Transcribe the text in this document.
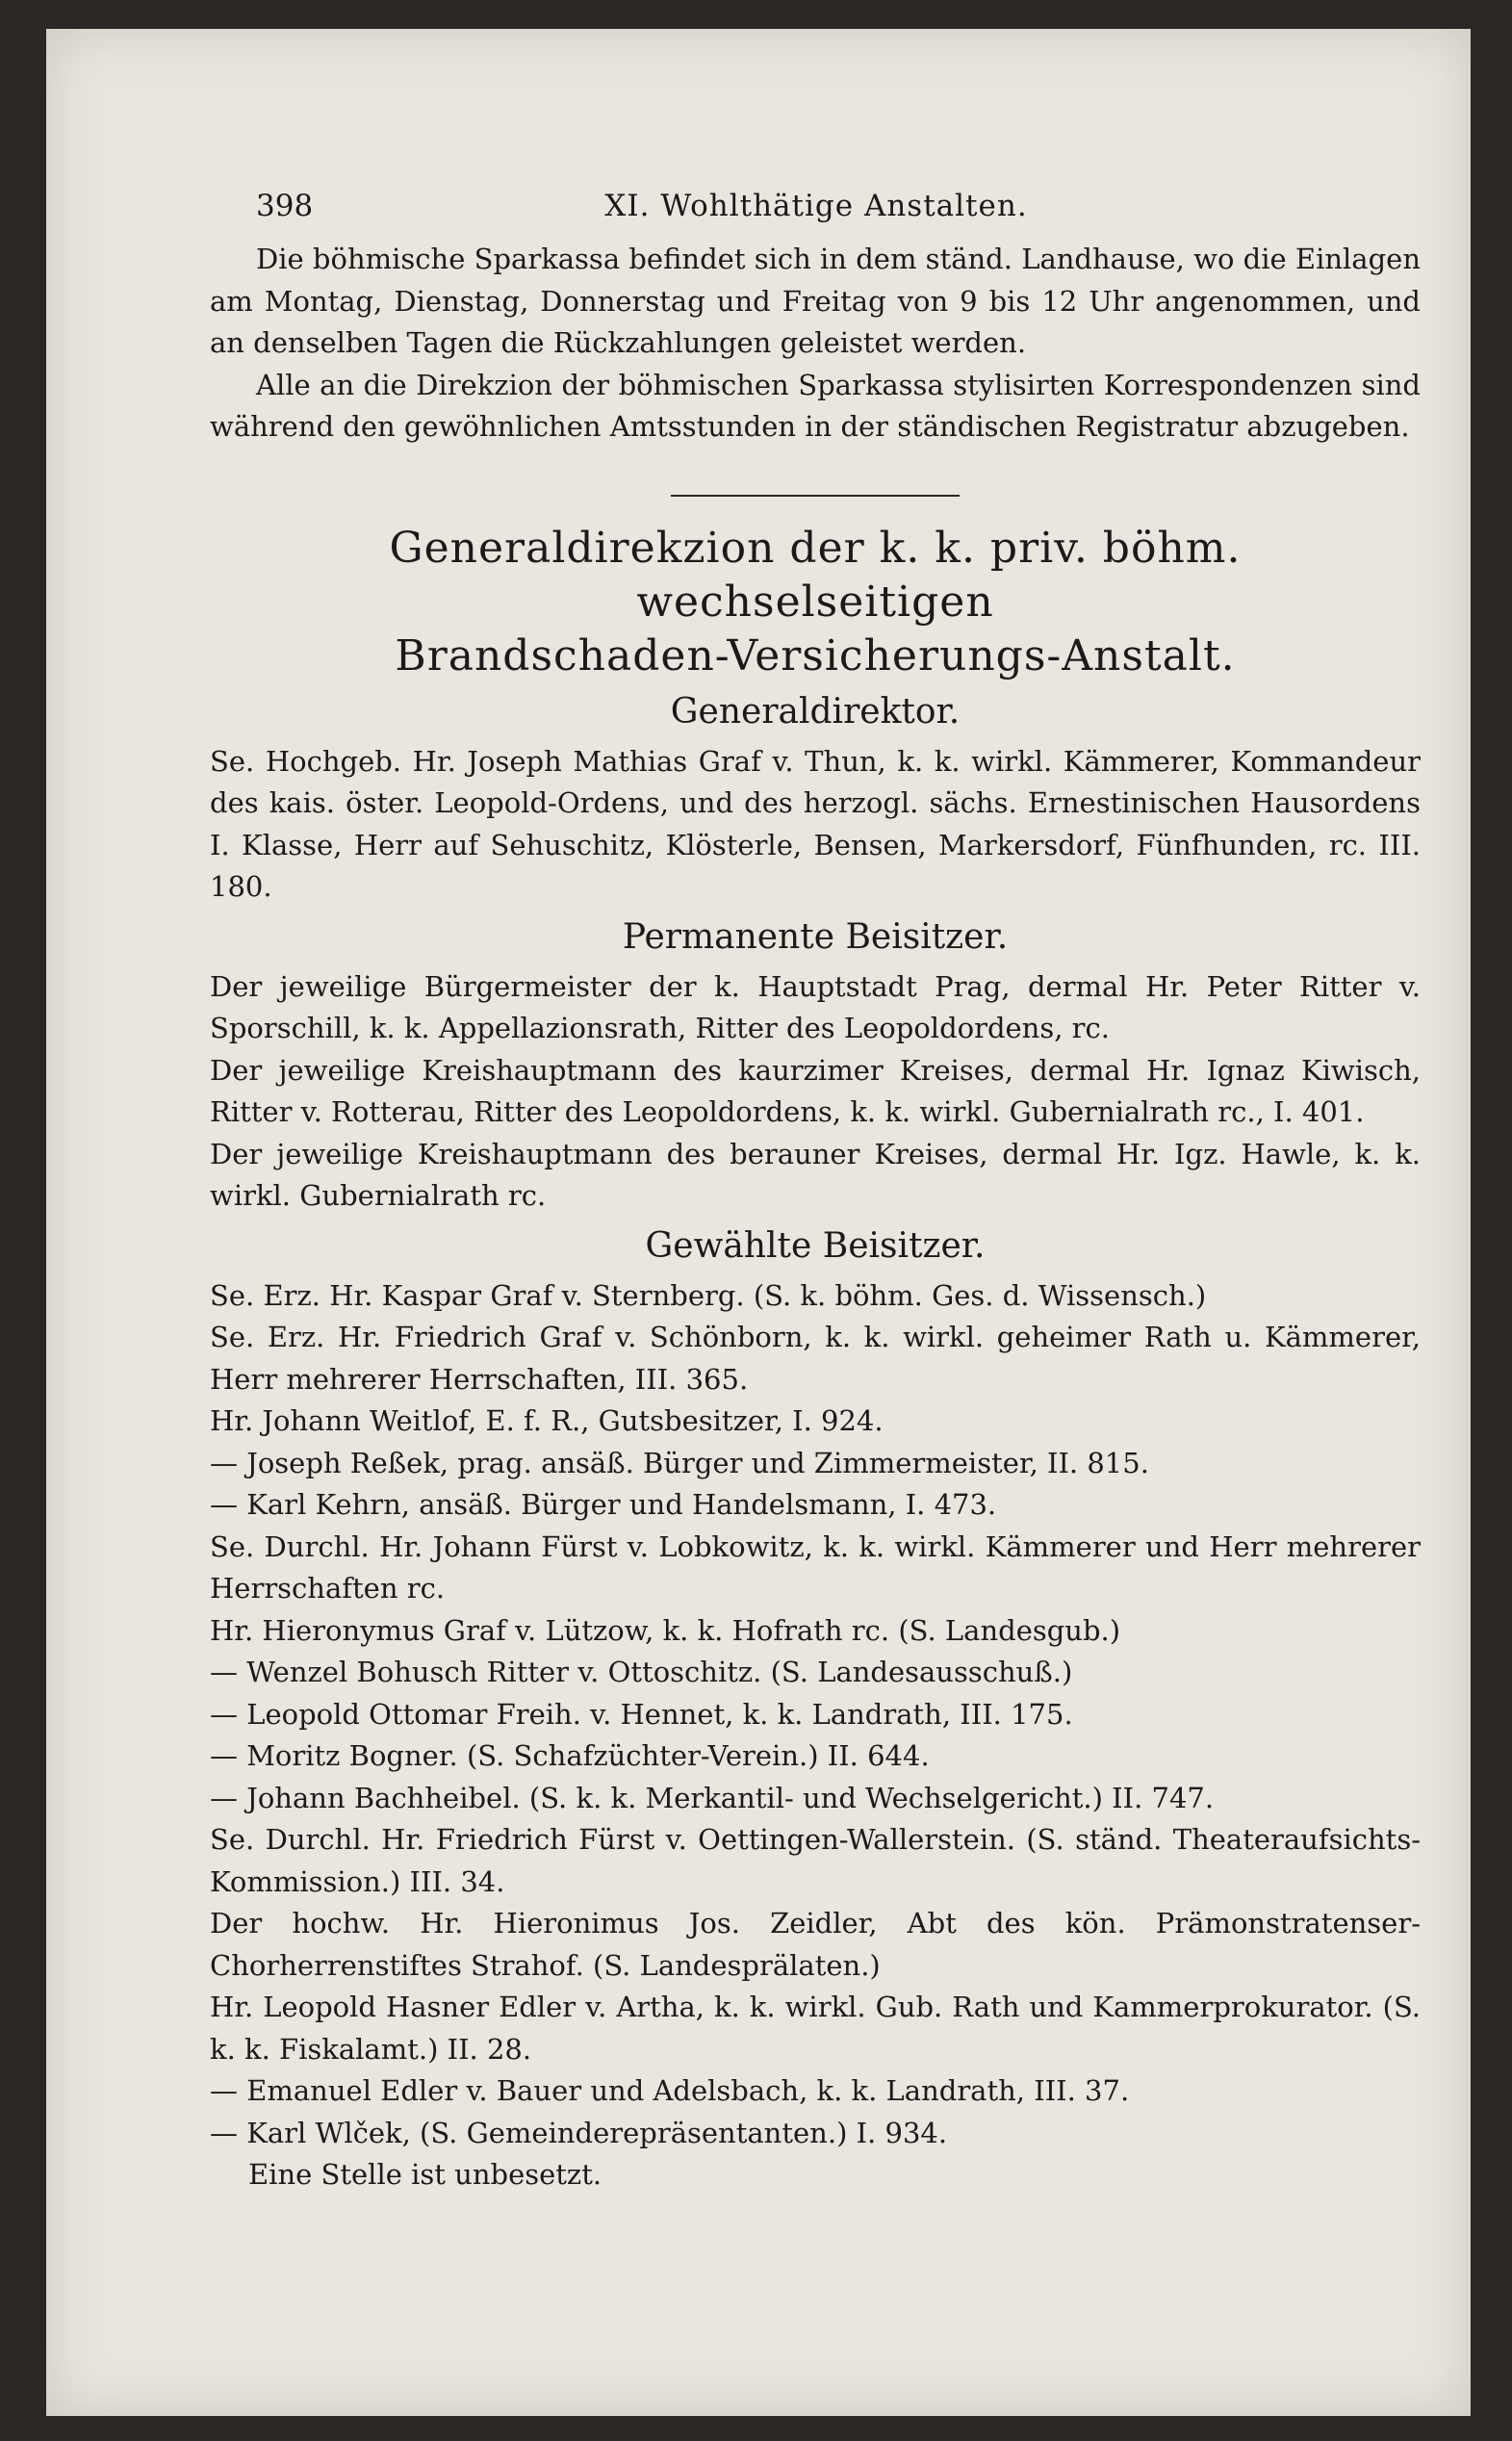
398	XI. Wohlthätige Anstalten.

Die böhmische Sparkassa befindet sich in dem ständ. Landhause, wo die Einlagen am Montag, Dienstag, Donnerstag und Freitag von 9 bis 12 Uhr angenommen, und an denselben Tagen die Rückzahlungen geleistet werden.

Alle an die Direkzion der böhmischen Sparkassa stylisirten Korrespondenzen sind während den gewöhnlichen Amtsstunden in der ständischen Registratur abzugeben.

Generaldirekzion der k. k. priv. böhm. wechselseitigen

Brandschaden-Versicherungs-Anstalt.

Generaldirektor.

Se. Hochgeb. Hr. Joseph Mathias Graf v. Thun, k. k. wirkl. Kämmerer, Kommandeur des kais. öster. Leopold-Ordens, und des herzogl. sächs. Ernestinischen Hausordens I. Klasse, Herr auf Sehuschitz, Klösterle, Bensen, Markersdorf, Fünfhunden, rc. III. 180.

Permanente Beisitzer.

Der jeweilige Bürgermeister der k. Hauptstadt Prag, dermal Hr. Peter Ritter v. Sporschill, k. k. Appellazionsrath, Ritter des Leopoldordens, rc.

Der jeweilige Kreishauptmann des kaurzimer Kreises, dermal Hr. Ignaz Kiwisch, Ritter v. Rotterau, Ritter des Leopoldordens, k. k. wirkl. Gubernialrath rc., I. 401.

Der jeweilige Kreishauptmann des berauner Kreises, dermal Hr. Igz. Hawle, k. k. wirkl. Gubernialrath rc.

Gewählte Beisitzer.

Se. Erz. Hr. Kaspar Graf v. Sternberg. (S. k. böhm. Ges. d. Wissensch.)

Se. Erz. Hr. Friedrich Graf v. Schönborn, k. k. wirkl. geheimer Rath u. Kämmerer, Herr mehrerer Herrschaften, III. 365.

Hr. Johann Weitlof, E. f. R., Gutsbesitzer, I. 924.

— Joseph Reßek, prag. ansäß. Bürger und Zimmermeister, II. 815.

— Karl Kehrn, ansäß. Bürger und Handelsmann, I. 473.

Se. Durchl. Hr. Johann Fürst v. Lobkowitz, k. k. wirkl. Kämmerer und Herr mehrerer Herrschaften rc.

Hr. Hieronymus Graf v. Lützow, k. k. Hofrath rc. (S. Landesgub.)

— Wenzel Bohusch Ritter v. Ottoschitz. (S. Landesausschuß.)

— Leopold Ottomar Freih. v. Hennet, k. k. Landrath, III. 175.

— Moritz Bogner. (S. Schafzüchter-Verein.) II. 644.

— Johann Bachheibel. (S. k. k. Merkantil- und Wechselgericht.) II. 747.

Se. Durchl. Hr. Friedrich Fürst v. Oettingen-Wallerstein. (S. ständ. Theateraufsichts-Kommission.) III. 34.

Der hochw. Hr. Hieronimus Jos. Zeidler, Abt des kön. Prämonstratenser-Chorherrenstiftes Strahof. (S. Landesprälaten.)

Hr. Leopold Hasner Edler v. Artha, k. k. wirkl. Gub. Rath und Kammerprokurator. (S. k. k. Fiskalamt.) II. 28.

— Emanuel Edler v. Bauer und Adelsbach, k. k. Landrath, III. 37.

— Karl Wlček, (S. Gemeinderepräsentanten.) I. 934.

Eine Stelle ist unbesetzt.
